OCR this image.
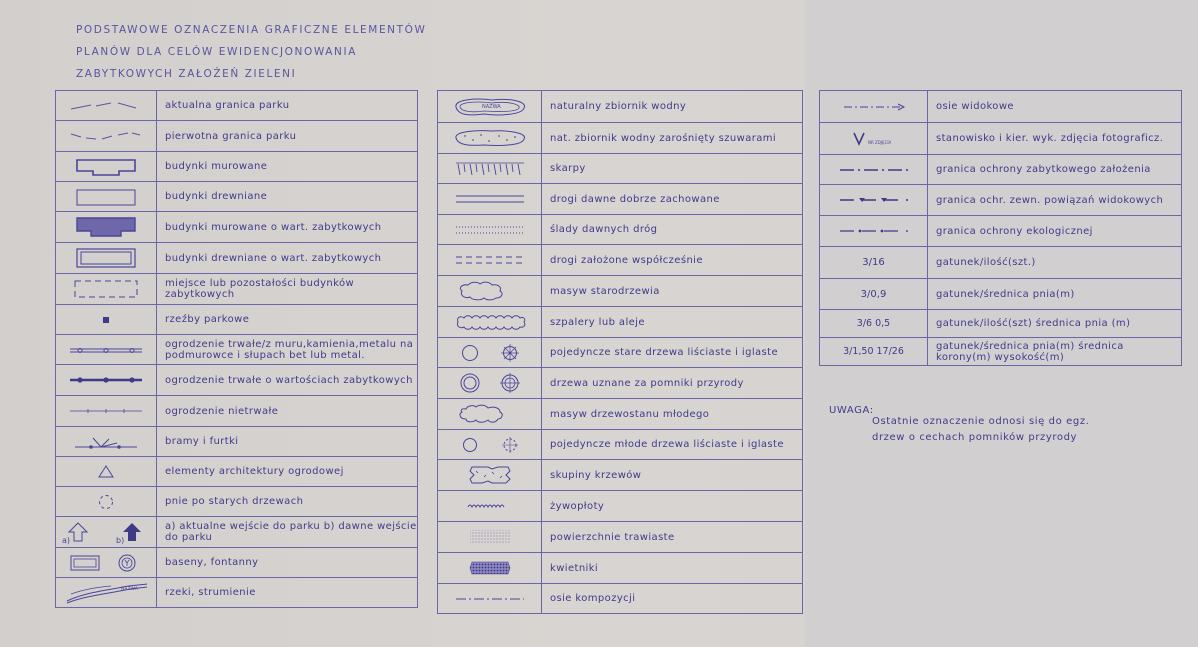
PODSTAWOWE OZNACZENIA GRAFICZNE ELEMENTÓW
PLANÓW DLA CELÓW EWIDENCJONOWANIA
ZABYTKOWYCH ZAŁOŻEŃ ZIELENI
	aktualna granica parku

	pierwotna granica parku

	budynki murowane

	budynki drewniane

	budynki murowane o wart. zabytkowych

	budynki drewniane o wart. zabytkowych

	miejsce lub pozostałości budynków zabytkowych

	rzeźby parkowe

	ogrodzenie trwałe/z muru,kamienia,metalu na podmurowce i słupach bet lub metal.

	ogrodzenie trwałe o wartościach zabytkowych

	ogrodzenie nietrwałe

	bramy i furtki

	elementy architektury ogrodowej

	pnie po starych drzewach

a) b)	a) aktualne wejście do parku b) dawne wejście do parku

	baseny, fontanny

NAZWA	rzeki, strumienie
NAZWA	naturalny zbiornik wodny

	nat. zbiornik wodny zarośnięty szuwarami

	skarpy

	drogi dawne dobrze zachowane

	ślady dawnych dróg

	drogi założone współcześnie

	masyw starodrzewia

	szpalery lub aleje

	pojedyncze stare drzewa liściaste i iglaste

	drzewa uznane za pomniki przyrody

	masyw drzewostanu młodego

	pojedyncze młode drzewa liściaste i iglaste

	skupiny krzewów

	żywopłoty

	powierzchnie trawiaste

	kwietniki

	osie kompozycji
	osie widokowe

NR ZDJĘCIA	stanowisko i kier. wyk. zdjęcia fotograficz.

	granica ochrony zabytkowego założenia

	granica ochr. zewn. powiązań widokowych

	granica ochrony ekologicznej
3/16	gatunek/ilość(szt.)
3/0,9	gatunek/średnica pnia(m)
3/6 0,5	gatunek/ilość(szt) średnica pnia (m)
3/1,50 17/26	gatunek/średnica pnia(m) średnica korony(m) wysokość(m)
UWAGA:
Ostatnie oznaczenie odnosi się do egz.
drzew o cechach pomników przyrody
